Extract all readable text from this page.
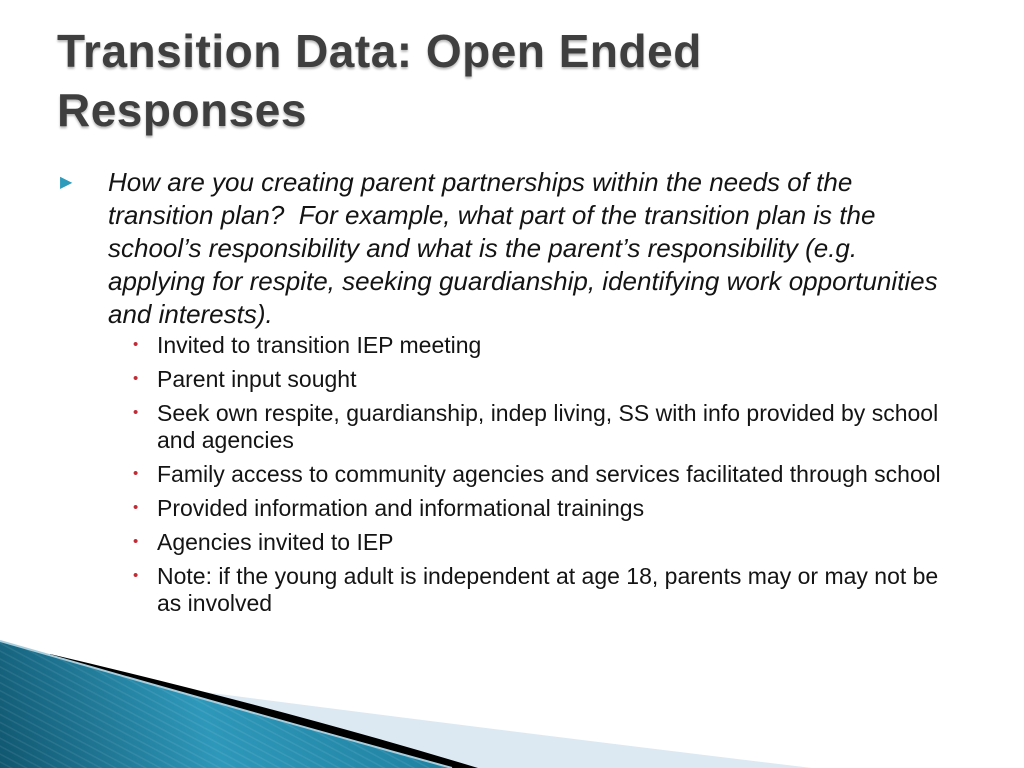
Transition Data: Open Ended
Responses
▶	How are you creating parent partnerships within the needs of the transition plan?  For example, what part of the transition plan is the school’s responsibility and what is the parent’s responsibility (e.g. applying for respite, seeking guardianship, identifying work opportunities and interests).
• Invited to transition IEP meeting
• Parent input sought
• Seek own respite, guardianship, indep living, SS with info provided by school and agencies
• Family access to community agencies and services facilitated through school
• Provided information and informational trainings
• Agencies invited to IEP
• Note: if the young adult is independent at age 18, parents may or may not be as involved
